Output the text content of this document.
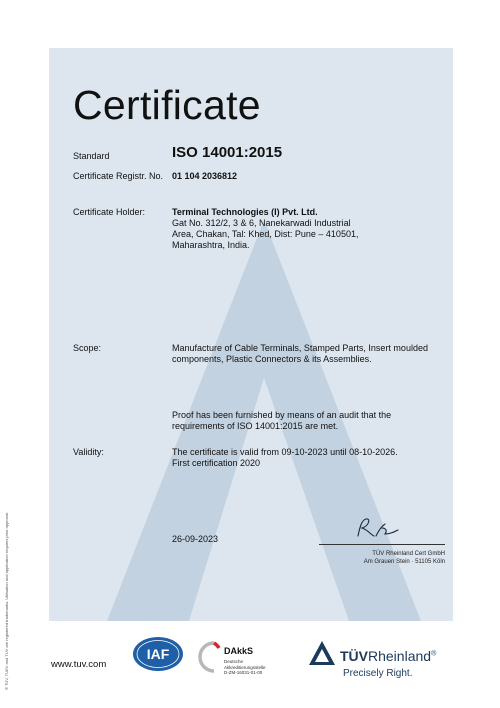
Certificate
Standard	ISO 14001:2015
Certificate Registr. No. 01 104 2036812
Certificate Holder:	Terminal Technologies (I) Pvt. Ltd.
Gat No. 312/2, 3 & 6, Nanekarwadi Industrial
Area, Chakan, Tal: Khed, Dist: Pune – 410501,
Maharashtra, India.
Scope:	Manufacture of Cable Terminals, Stamped Parts, Insert moulded
components, Plastic Connectors & its Assemblies.
Proof has been furnished by means of an audit that the
requirements of ISO 14001:2015 are met.
Validity:	The certificate is valid from 09-10-2023 until 08-10-2026.
First certification 2020
26-09-2023
TÜV Rheinland Cert GmbH
Am Grauen Stein · 51105 Köln
® TÜV, TUEV and TUV are registered trademarks. Utilisation and application requires prior approval.	www.tuv.com
IAF	DAkkS
Deutsche
Akkreditierungsstelle
D-ZM-16031-01-00
TÜVRheinland®
Precisely Right.
